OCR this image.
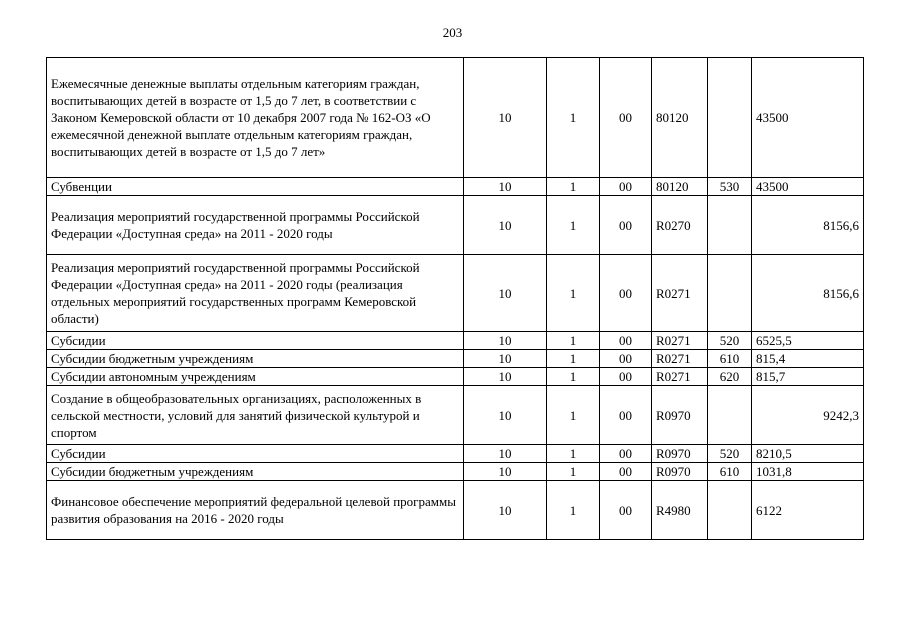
203
Ежемесячные денежные выплаты отдельным категориям граждан, воспитывающих детей в возрасте от 1,5 до 7 лет, в соответствии с Законом Кемеровской области от 10 декабря 2007 года № 162-ОЗ «О ежемесячной денежной выплате отдельным категориям граждан, воспитывающих детей в возрасте от 1,5 до 7 лет»	10	1	00	80120		43500
Субвенции	10	1	00	80120	530	43500
Реализация мероприятий государственной программы Российской Федерации «Доступная среда» на 2011 - 2020 годы	10	1	00	R0270		8156,6
Реализация мероприятий государственной программы Российской Федерации «Доступная среда» на 2011 - 2020 годы (реализация отдельных мероприятий государственных программ Кемеровской области)	10	1	00	R0271		8156,6
Субсидии	10	1	00	R0271	520	6525,5
Субсидии бюджетным учреждениям	10	1	00	R0271	610	815,4
Субсидии автономным учреждениям	10	1	00	R0271	620	815,7
Создание в общеобразовательных организациях, расположенных в сельской местности, условий для занятий физической культурой и спортом	10	1	00	R0970		9242,3
Субсидии	10	1	00	R0970	520	8210,5
Субсидии бюджетным учреждениям	10	1	00	R0970	610	1031,8
Финансовое обеспечение мероприятий федеральной целевой программы развития образования на 2016 - 2020 годы	10	1	00	R4980		6122
